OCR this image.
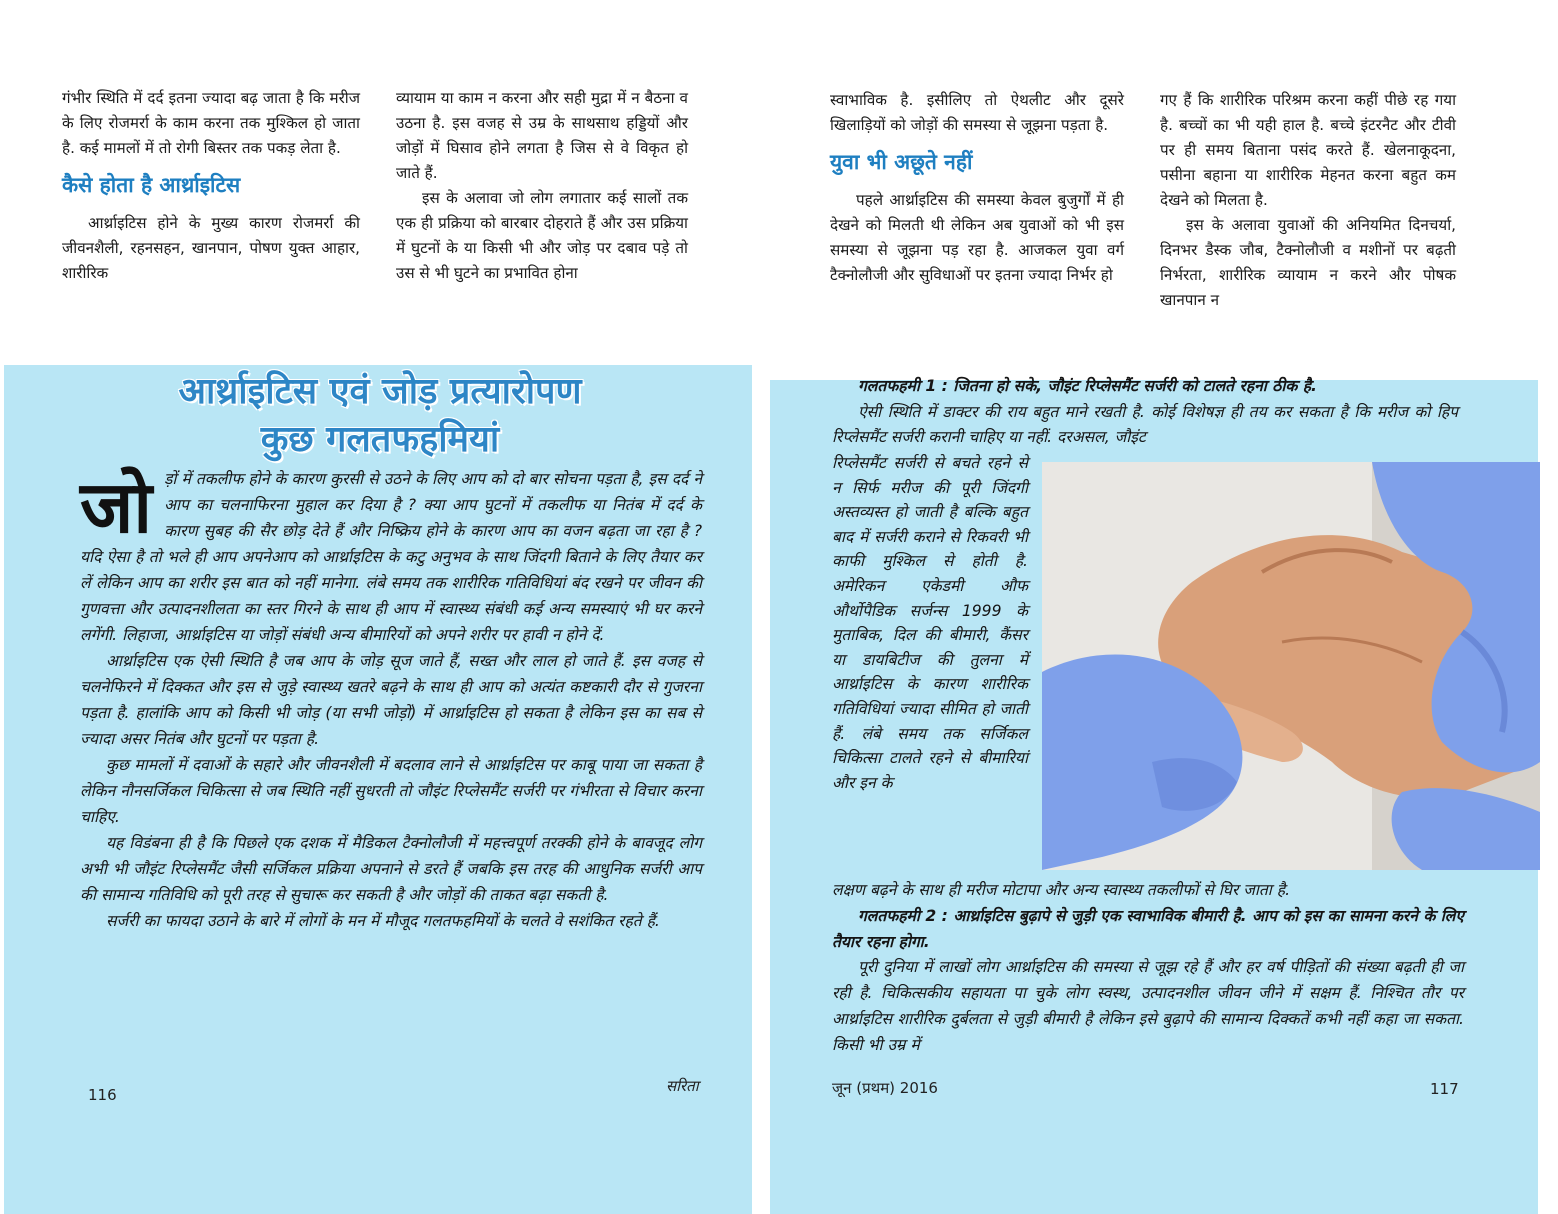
गंभीर स्थिति में दर्द इतना ज्यादा बढ़ जाता है कि मरीज के लिए रोजमर्रा के काम करना तक मुश्किल हो जाता है. कई मामलों में तो रोगी बिस्तर तक पकड़ लेता है.

कैसे होता है आर्थ्राइटिस

आर्थ्राइटिस होने के मुख्य कारण रोजमर्रा की जीवनशैली, रहनसहन, खानपान, पोषण युक्त आहार, शारीरिक

व्यायाम या काम न करना और सही मुद्रा में न बैठना व उठना है. इस वजह से उम्र के साथसाथ हड्डियों और जोड़ों में घिसाव होने लगता है जिस से वे विकृत हो जाते हैं.

इस के अलावा जो लोग लगातार कई सालों तक एक ही प्रक्रिया को बारबार दोहराते हैं और उस प्रक्रिया में घुटनों के या किसी भी और जोड़ पर दबाव पड़े तो उस से भी घुटने का प्रभावित होना

आर्थ्राइटिस एवं जोड़ प्रत्यारोपण
कुछ गलतफहमियां

जोड़ों में तकलीफ होने के कारण कुरसी से उठने के लिए आप को दो बार सोचना पड़ता है, इस दर्द ने आप का चलनाफिरना मुहाल कर दिया है ? क्या आप घुटनों में तकलीफ या नितंब में दर्द के कारण सुबह की सैर छोड़ देते हैं और निष्क्रिय होने के कारण आप का वजन बढ़ता जा रहा है ? यदि ऐसा है तो भले ही आप अपनेआप को आर्थ्राइटिस के कटु अनुभव के साथ जिंदगी बिताने के लिए तैयार कर लें लेकिन आप का शरीर इस बात को नहीं मानेगा. लंबे समय तक शारीरिक गतिविधियां बंद रखने पर जीवन की गुणवत्ता और उत्पादनशीलता का स्तर गिरने के साथ ही आप में स्वास्थ्य संबंधी कई अन्य समस्याएं भी घर करने लगेंगी. लिहाजा, आर्थ्राइटिस या जोड़ों संबंधी अन्य बीमारियों को अपने शरीर पर हावी न होने दें.

आर्थ्राइटिस एक ऐसी स्थिति है जब आप के जोड़ सूज जाते हैं, सख्त और लाल हो जाते हैं. इस वजह से चलनेफिरने में दिक्कत और इस से जुड़े स्वास्थ्य खतरे बढ़ने के साथ ही आप को अत्यंत कष्टकारी दौर से गुजरना पड़ता है. हालांकि आप को किसी भी जोड़ (या सभी जोड़ों) में आर्थ्राइटिस हो सकता है लेकिन इस का सब से ज्यादा असर नितंब और घुटनों पर पड़ता है.

कुछ मामलों में दवाओं के सहारे और जीवनशैली में बदलाव लाने से आर्थ्राइटिस पर काबू पाया जा सकता है लेकिन नौनसर्जिकल चिकित्सा से जब स्थिति नहीं सुधरती तो जौइंट रिप्लेसमैंट सर्जरी पर गंभीरता से विचार करना चाहिए.

यह विडंबना ही है कि पिछले एक दशक में मैडिकल टैक्नोलौजी में महत्त्वपूर्ण तरक्की होने के बावजूद लोग अभी भी जौइंट रिप्लेसमैंट जैसी सर्जिकल प्रक्रिया अपनाने से डरते हैं जबकि इस तरह की आधुनिक सर्जरी आप की सामान्य गतिविधि को पूरी तरह से सुचारू कर सकती है और जोड़ों की ताकत बढ़ा सकती है.

सर्जरी का फायदा उठाने के बारे में लोगों के मन में मौजूद गलतफहमियों के चलते वे सशंकित रहते हैं.

116	सरिता

स्वाभाविक है. इसीलिए तो ऐथलीट और दूसरे खिलाड़ियों को जोड़ों की समस्या से जूझना पड़ता है.

युवा भी अछूते नहीं

पहले आर्थ्राइटिस की समस्या केवल बुजुर्गों में ही देखने को मिलती थी लेकिन अब युवाओं को भी इस समस्या से जूझना पड़ रहा है. आजकल युवा वर्ग टैक्नोलौजी और सुविधाओं पर इतना ज्यादा निर्भर हो

गए हैं कि शारीरिक परिश्रम करना कहीं पीछे रह गया है. बच्चों का भी यही हाल है. बच्चे इंटरनैट और टीवी पर ही समय बिताना पसंद करते हैं. खेलनाकूदना, पसीना बहाना या शारीरिक मेहनत करना बहुत कम देखने को मिलता है.

इस के अलावा युवाओं की अनियमित दिनचर्या, दिनभर डैस्क जौब, टैक्नोलौजी व मशीनों पर बढ़ती निर्भरता, शारीरिक व्यायाम न करने और पोषक खानपान न

गलतफहमी 1 : जितना हो सके, जौइंट रिप्लेसमैंट सर्जरी को टालते रहना ठीक है.

ऐसी स्थिति में डाक्टर की राय बहुत माने रखती है. कोई विशेषज्ञ ही तय कर सकता है कि मरीज को हिप रिप्लेसमैंट सर्जरी करानी चाहिए या नहीं. दरअसल, जौइंट

रिप्लेसमैंट सर्जरी से बचते रहने से न सिर्फ मरीज की पूरी जिंदगी अस्तव्यस्त हो जाती है बल्कि बहुत बाद में सर्जरी कराने से रिकवरी भी काफी मुश्किल से होती है. अमेरिकन एकेडमी औफ और्थोपैडिक सर्जन्स 1999 के मुताबिक, दिल की बीमारी, कैंसर या डायबिटीज की तुलना में आर्थ्राइटिस के कारण शारीरिक गतिविधियां ज्यादा सीमित हो जाती हैं. लंबे समय तक सर्जिकल चिकित्सा टालते रहने से बीमारियां और इन के

लक्षण बढ़ने के साथ ही मरीज मोटापा और अन्य स्वास्थ्य तकलीफों से घिर जाता है.

गलतफहमी 2 : आर्थ्राइटिस बुढ़ापे से जुड़ी एक स्वाभाविक बीमारी है. आप को इस का सामना करने के लिए तैयार रहना होगा.

पूरी दुनिया में लाखों लोग आर्थ्राइटिस की समस्या से जूझ रहे हैं और हर वर्ष पीड़ितों की संख्या बढ़ती ही जा रही है. चिकित्सकीय सहायता पा चुके लोग स्वस्थ, उत्पादनशील जीवन जीने में सक्षम हैं. निश्चित तौर पर आर्थ्राइटिस शारीरिक दुर्बलता से जुड़ी बीमारी है लेकिन इसे बुढ़ापे की सामान्य दिक्कतें कभी नहीं कहा जा सकता. किसी भी उम्र में

जून (प्रथम) 2016	117
